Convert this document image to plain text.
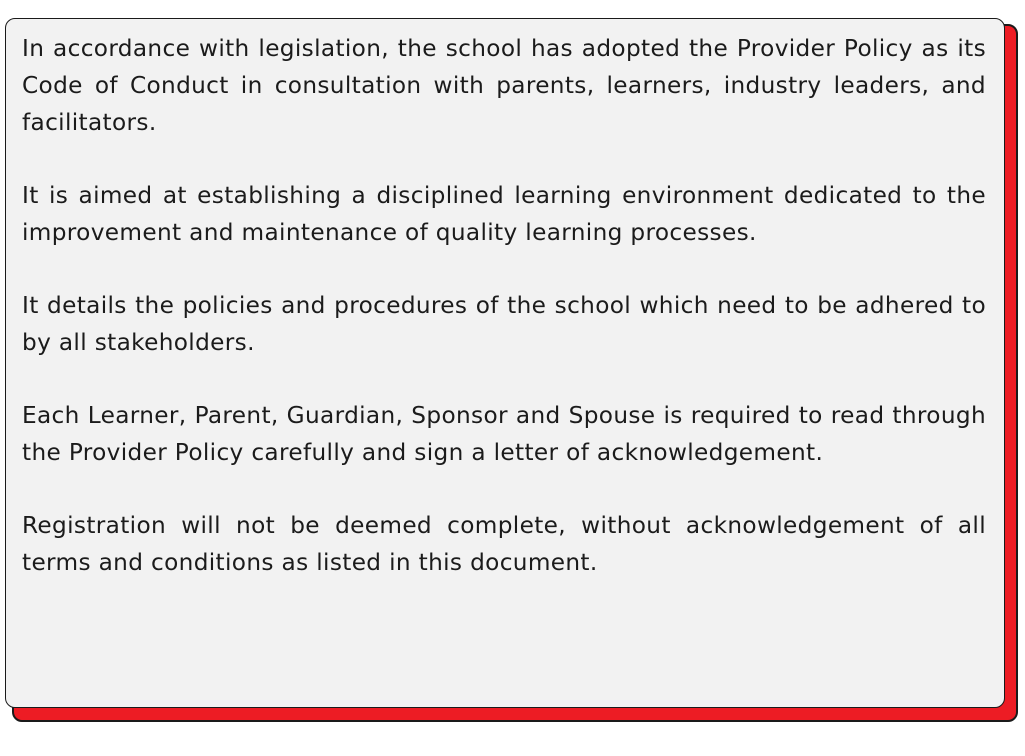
In accordance with legislation, the school has adopted the Provider Policy as its Code of Conduct in consultation with parents, learners, industry leaders, and facilitators.

It is aimed at establishing a disciplined learning environment dedicated to the improvement and maintenance of quality learning processes.

It details the policies and procedures of the school which need to be adhered to by all stakeholders.

Each Learner, Parent, Guardian, Sponsor and Spouse is required to read through the Provider Policy carefully and sign a letter of acknowledgement.

Registration will not be deemed complete, without acknowledgement of all terms and conditions as listed in this document.
